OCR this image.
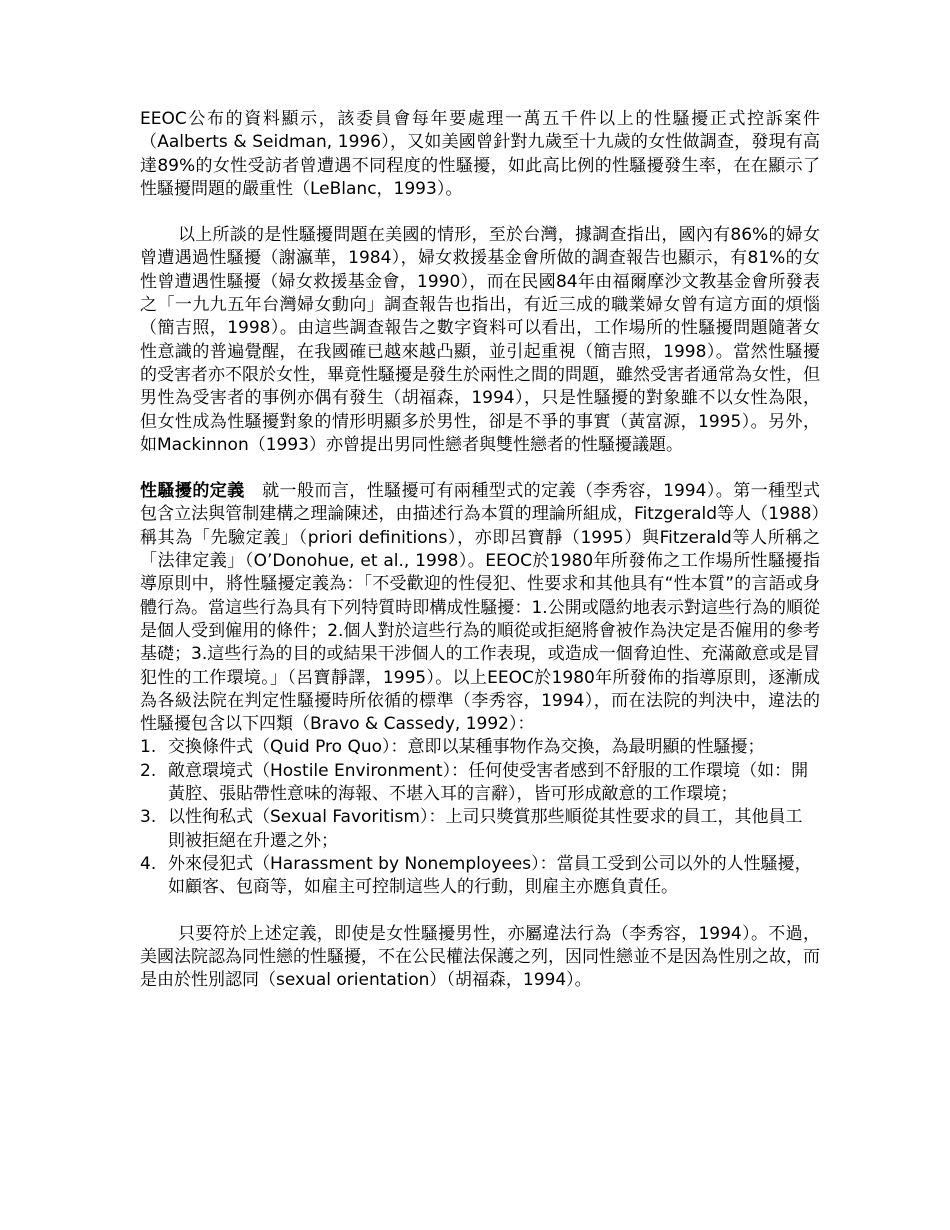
EEOC公布的資料顯示，該委員會每年要處理一萬五千件以上的性騷擾正式控訴案件（Aalberts & Seidman, 1996），又如美國曾針對九歲至十九歲的女性做調查，發現有高達89%的女性受訪者曾遭遇不同程度的性騷擾，如此高比例的性騷擾發生率，在在顯示了性騷擾問題的嚴重性（LeBlanc，1993）。

以上所談的是性騷擾問題在美國的情形，至於台灣，據調查指出，國內有86%的婦女曾遭遇過性騷擾（謝瀛華，1984），婦女救援基金會所做的調查報告也顯示，有81%的女性曾遭遇性騷擾（婦女救援基金會，1990），而在民國84年由福爾摩沙文教基金會所發表之「一九九五年台灣婦女動向」調查報告也指出，有近三成的職業婦女曾有這方面的煩惱 （簡吉照，1998）。由這些調查報告之數字資料可以看出，工作場所的性騷擾問題隨著女性意識的普遍覺醒，在我國確已越來越凸顯，並引起重視（簡吉照，1998）。當然性騷擾的受害者亦不限於女性，畢竟性騷擾是發生於兩性之間的問題，雖然受害者通常為女性，但男性為受害者的事例亦偶有發生（胡福森，1994），只是性騷擾的對象雖不以女性為限，但女性成為性騷擾對象的情形明顯多於男性，卻是不爭的事實（黃富源，1995）。另外，如Mackinnon（1993）亦曾提出男同性戀者與雙性戀者的性騷擾議題。

性騷擾的定義　就一般而言，性騷擾可有兩種型式的定義（李秀容，1994）。第一種型式包含立法與管制建構之理論陳述，由描述行為本質的理論所組成，Fitzgerald等人（1988）稱其為「先驗定義」（priori definitions），亦即呂寶靜（1995）與Fitzerald等人所稱之「法律定義」（O’Donohue, et al., 1998）。EEOC於1980年所發佈之工作場所性騷擾指導原則中，將性騷擾定義為：「不受歡迎的性侵犯、性要求和其他具有“性本質”的言語或身體行為。當這些行為具有下列特質時即構成性騷擾：1.公開或隱約地表示對這些行為的順從是個人受到僱用的條件；2.個人對於這些行為的順從或拒絕將會被作為決定是否僱用的參考基礎；3.這些行為的目的或結果干涉個人的工作表現，或造成一個脅迫性、充滿敵意或是冒犯性的工作環境。」（呂寶靜譯，1995）。以上EEOC於1980年所發佈的指導原則，逐漸成為各級法院在判定性騷擾時所依循的標準（李秀容，1994），而在法院的判決中，違法的性騷擾包含以下四類（Bravo & Cassedy, 1992）：

1. 交換條件式（Quid Pro Quo）：意即以某種事物作為交換，為最明顯的性騷擾；
2. 敵意環境式（Hostile Environment）：任何使受害者感到不舒服的工作環境（如：開黃腔、張貼帶性意味的海報、不堪入耳的言辭），皆可形成敵意的工作環境；
3. 以性徇私式（Sexual Favoritism）：上司只獎賞那些順從其性要求的員工，其他員工則被拒絕在升遷之外；
4. 外來侵犯式（Harassment by Nonemployees）：當員工受到公司以外的人性騷擾，如顧客、包商等，如雇主可控制這些人的行動，則雇主亦應負責任。

只要符於上述定義，即使是女性騷擾男性，亦屬違法行為（李秀容，1994）。不過，美國法院認為同性戀的性騷擾，不在公民權法保護之列，因同性戀並不是因為性別之故，而是由於性別認同（sexual orientation）（胡福森，1994）。
